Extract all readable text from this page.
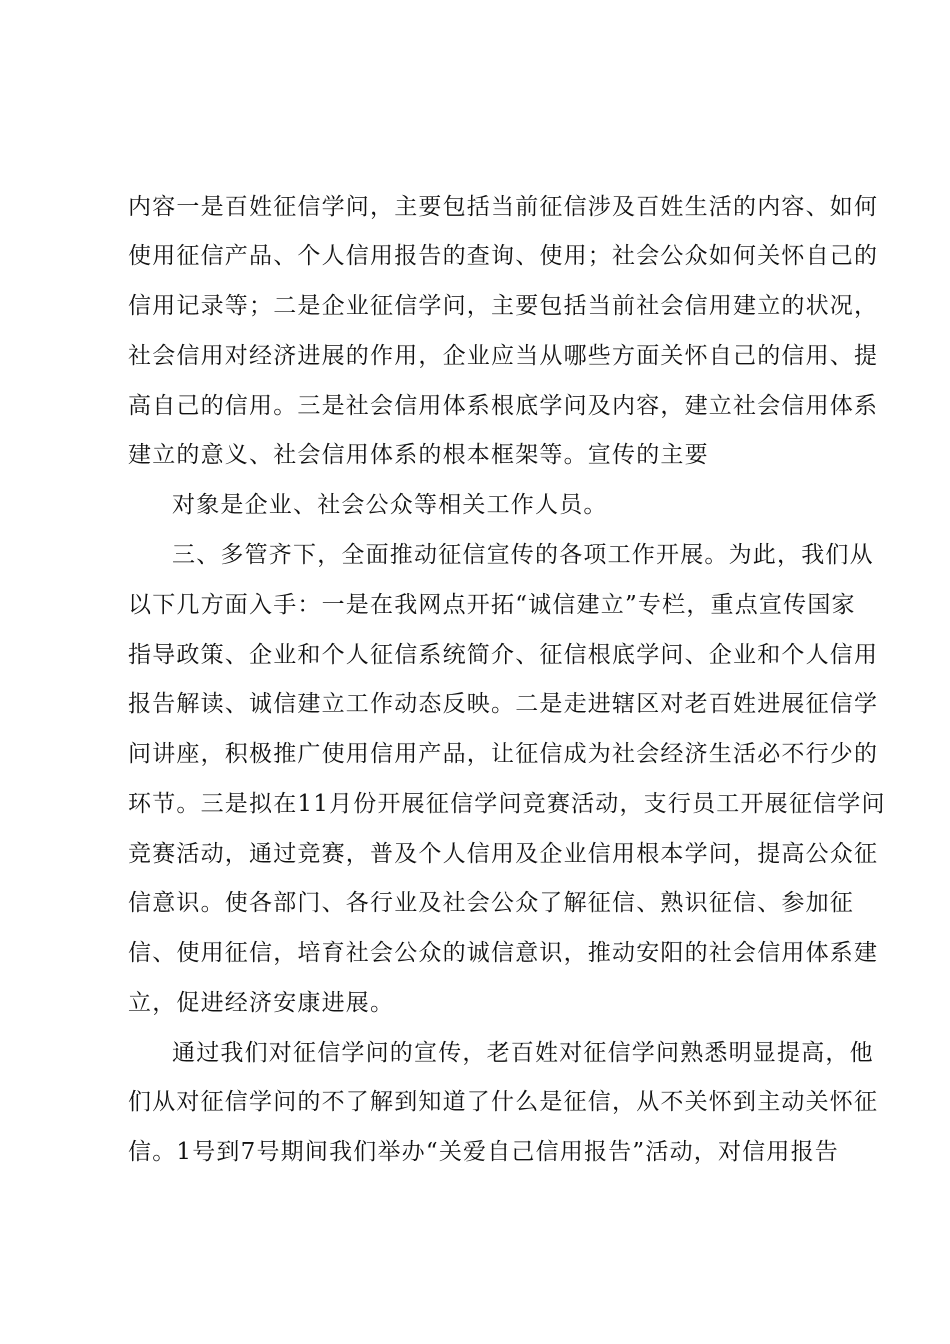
内容一是百姓征信学问，主要包括当前征信涉及百姓生活的内容、如何
使用征信产品、个人信用报告的查询、使用；社会公众如何关怀自己的
信用记录等；二是企业征信学问，主要包括当前社会信用建立的状况，
社会信用对经济进展的作用，企业应当从哪些方面关怀自己的信用、提
高自己的信用。三是社会信用体系根底学问及内容，建立社会信用体系
建立的意义、社会信用体系的根本框架等。宣传的主要
对象是企业、社会公众等相关工作人员。
三、多管齐下，全面推动征信宣传的各项工作开展。为此，我们从
以下几方面入手：一是在我网点开拓“诚信建立”专栏，重点宣传国家
指导政策、企业和个人征信系统简介、征信根底学问、企业和个人信用
报告解读、诚信建立工作动态反映。二是走进辖区对老百姓进展征信学
问讲座，积极推广使用信用产品，让征信成为社会经济生活必不行少的
环节。三是拟在11月份开展征信学问竞赛活动，支行员工开展征信学问
竞赛活动，通过竞赛，普及个人信用及企业信用根本学问，提高公众征
信意识。使各部门、各行业及社会公众了解征信、熟识征信、参加征
信、使用征信，培育社会公众的诚信意识，推动安阳的社会信用体系建
立，促进经济安康进展。
通过我们对征信学问的宣传，老百姓对征信学问熟悉明显提高，他
们从对征信学问的不了解到知道了什么是征信，从不关怀到主动关怀征
信。1号到7号期间我们举办“关爱自己信用报告”活动，对信用报告
